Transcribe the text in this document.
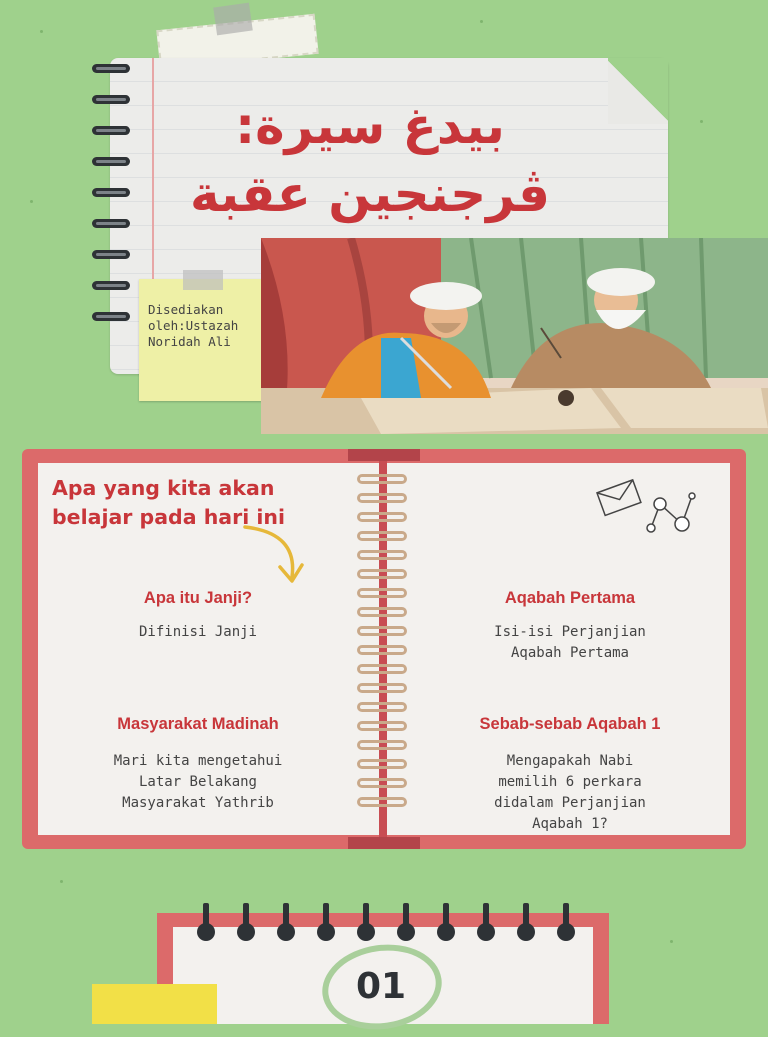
بيدغ سيرة:
ڤرجنجين عقبة
Disediakan
oleh:Ustazah
Noridah Ali
Apa yang kita akan
belajar pada hari ini
Apa itu Janji?
Difinisi Janji
Aqabah Pertama
Isi-isi Perjanjian
Aqabah Pertama
Masyarakat Madinah
Mari kita mengetahui
Latar Belakang
Masyarakat Yathrib
Sebab-sebab Aqabah 1
Mengapakah Nabi
memilih 6 perkara
didalam Perjanjian
Aqabah 1?
01
